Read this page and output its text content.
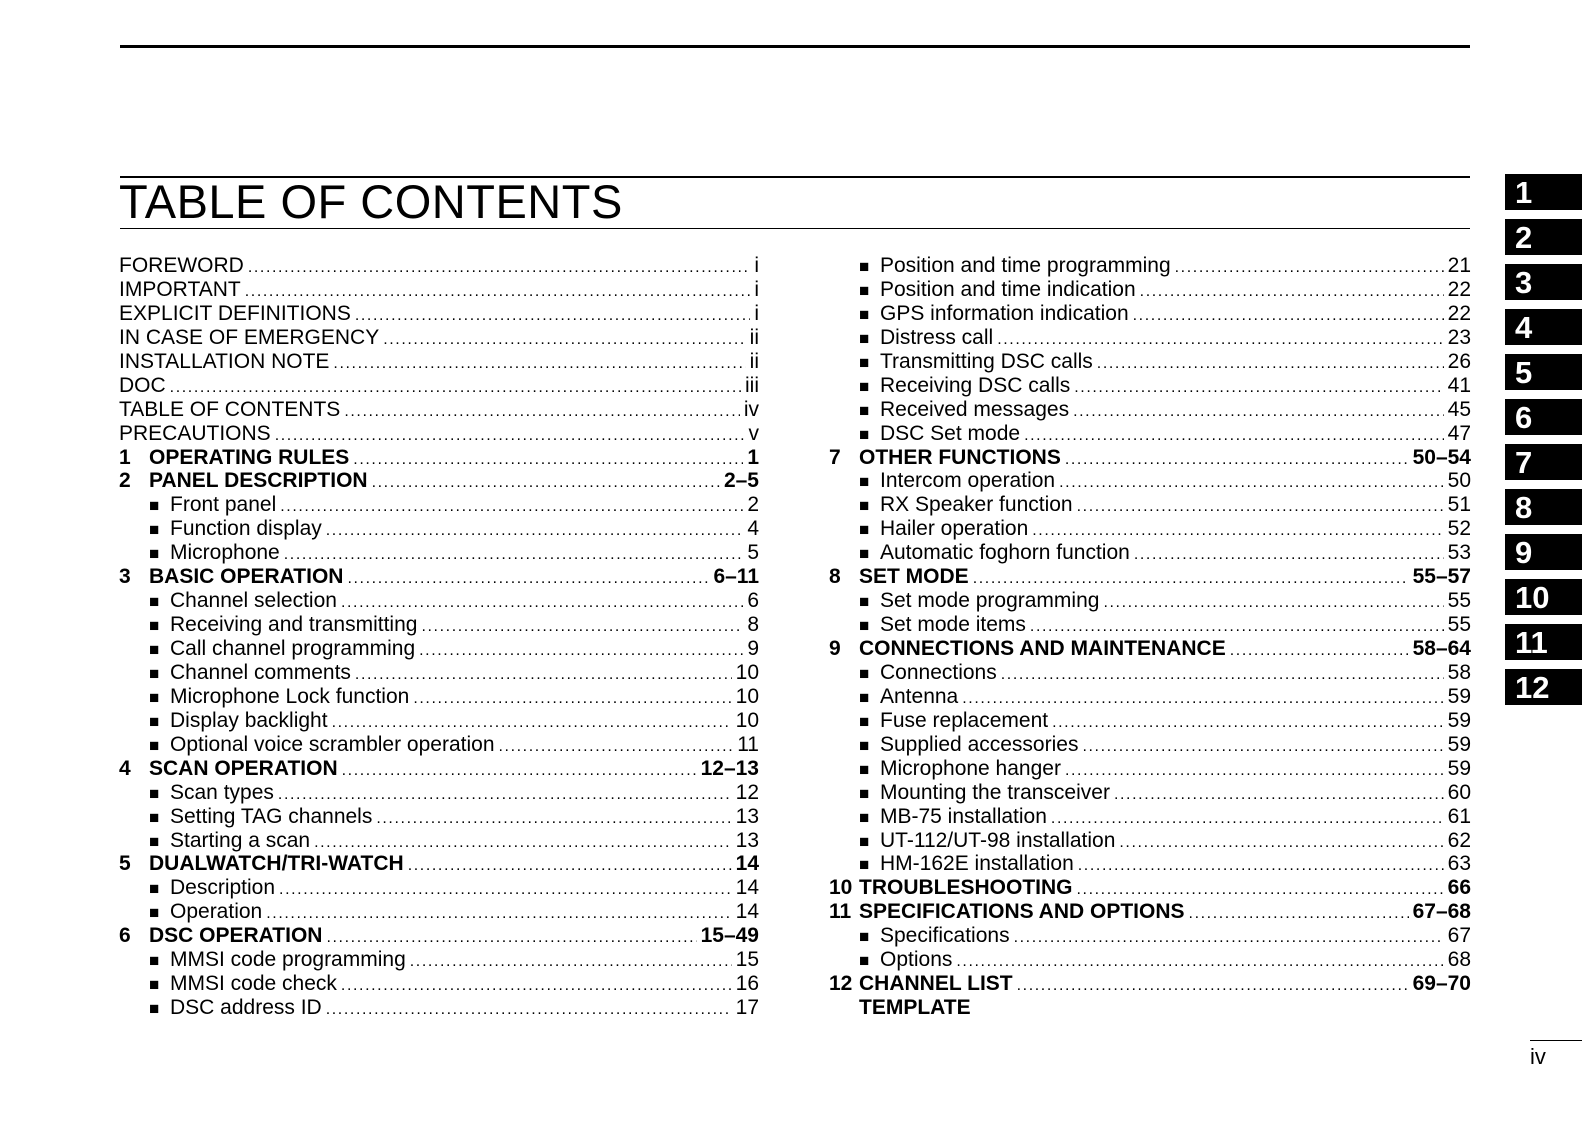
TABLE OF CONTENTS
FOREWORD .....	i
IMPORTANT .....	i
EXPLICIT DEFINITIONS .....	i
IN CASE OF EMERGENCY .....	ii
INSTALLATION NOTE .....	ii
DOC .....	iii
TABLE OF CONTENTS .....	iv
PRECAUTIONS .....	v
1 OPERATING RULES .....	1
2 PANEL DESCRIPTION .....	2–5
■ Front panel .....	2
■ Function display .....	4
■ Microphone .....	5
3 BASIC OPERATION .....	6–11
■ Channel selection .....	6
■ Receiving and transmitting .....	8
■ Call channel programming .....	9
■ Channel comments .....	10
■ Microphone Lock function .....	10
■ Display backlight .....	10
■ Optional voice scrambler operation .....	11
4 SCAN OPERATION .....	12–13
■ Scan types .....	12
■ Setting TAG channels .....	13
■ Starting a scan .....	13
5 DUALWATCH/TRI-WATCH .....	14
■ Description .....	14
■ Operation .....	14
6 DSC OPERATION .....	15–49
■ MMSI code programming .....	15
■ MMSI code check .....	16
■ DSC address ID .....	17
■ Position and time programming .....	21
■ Position and time indication .....	22
■ GPS information indication .....	22
■ Distress call .....	23
■ Transmitting DSC calls .....	26
■ Receiving DSC calls .....	41
■ Received messages .....	45
■ DSC Set mode .....	47
7 OTHER FUNCTIONS .....	50–54
■ Intercom operation .....	50
■ RX Speaker function .....	51
■ Hailer operation .....	52
■ Automatic foghorn function .....	53
8 SET MODE .....	55–57
■ Set mode programming .....	55
■ Set mode items .....	55
9 CONNECTIONS AND MAINTENANCE .....	58–64
■ Connections .....	58
■ Antenna .....	59
■ Fuse replacement .....	59
■ Supplied accessories .....	59
■ Microphone hanger .....	59
■ Mounting the transceiver .....	60
■ MB-75 installation .....	61
■ UT-112/UT-98 installation .....	62
■ HM-162E installation .....	63
10 TROUBLESHOOTING .....	66
11 SPECIFICATIONS AND OPTIONS .....	67–68
■ Specifications .....	67
■ Options .....	68
12 CHANNEL LIST .....	69–70
TEMPLATE
1
2
3
4
5
6
7
8
9
10
11
12
iv
